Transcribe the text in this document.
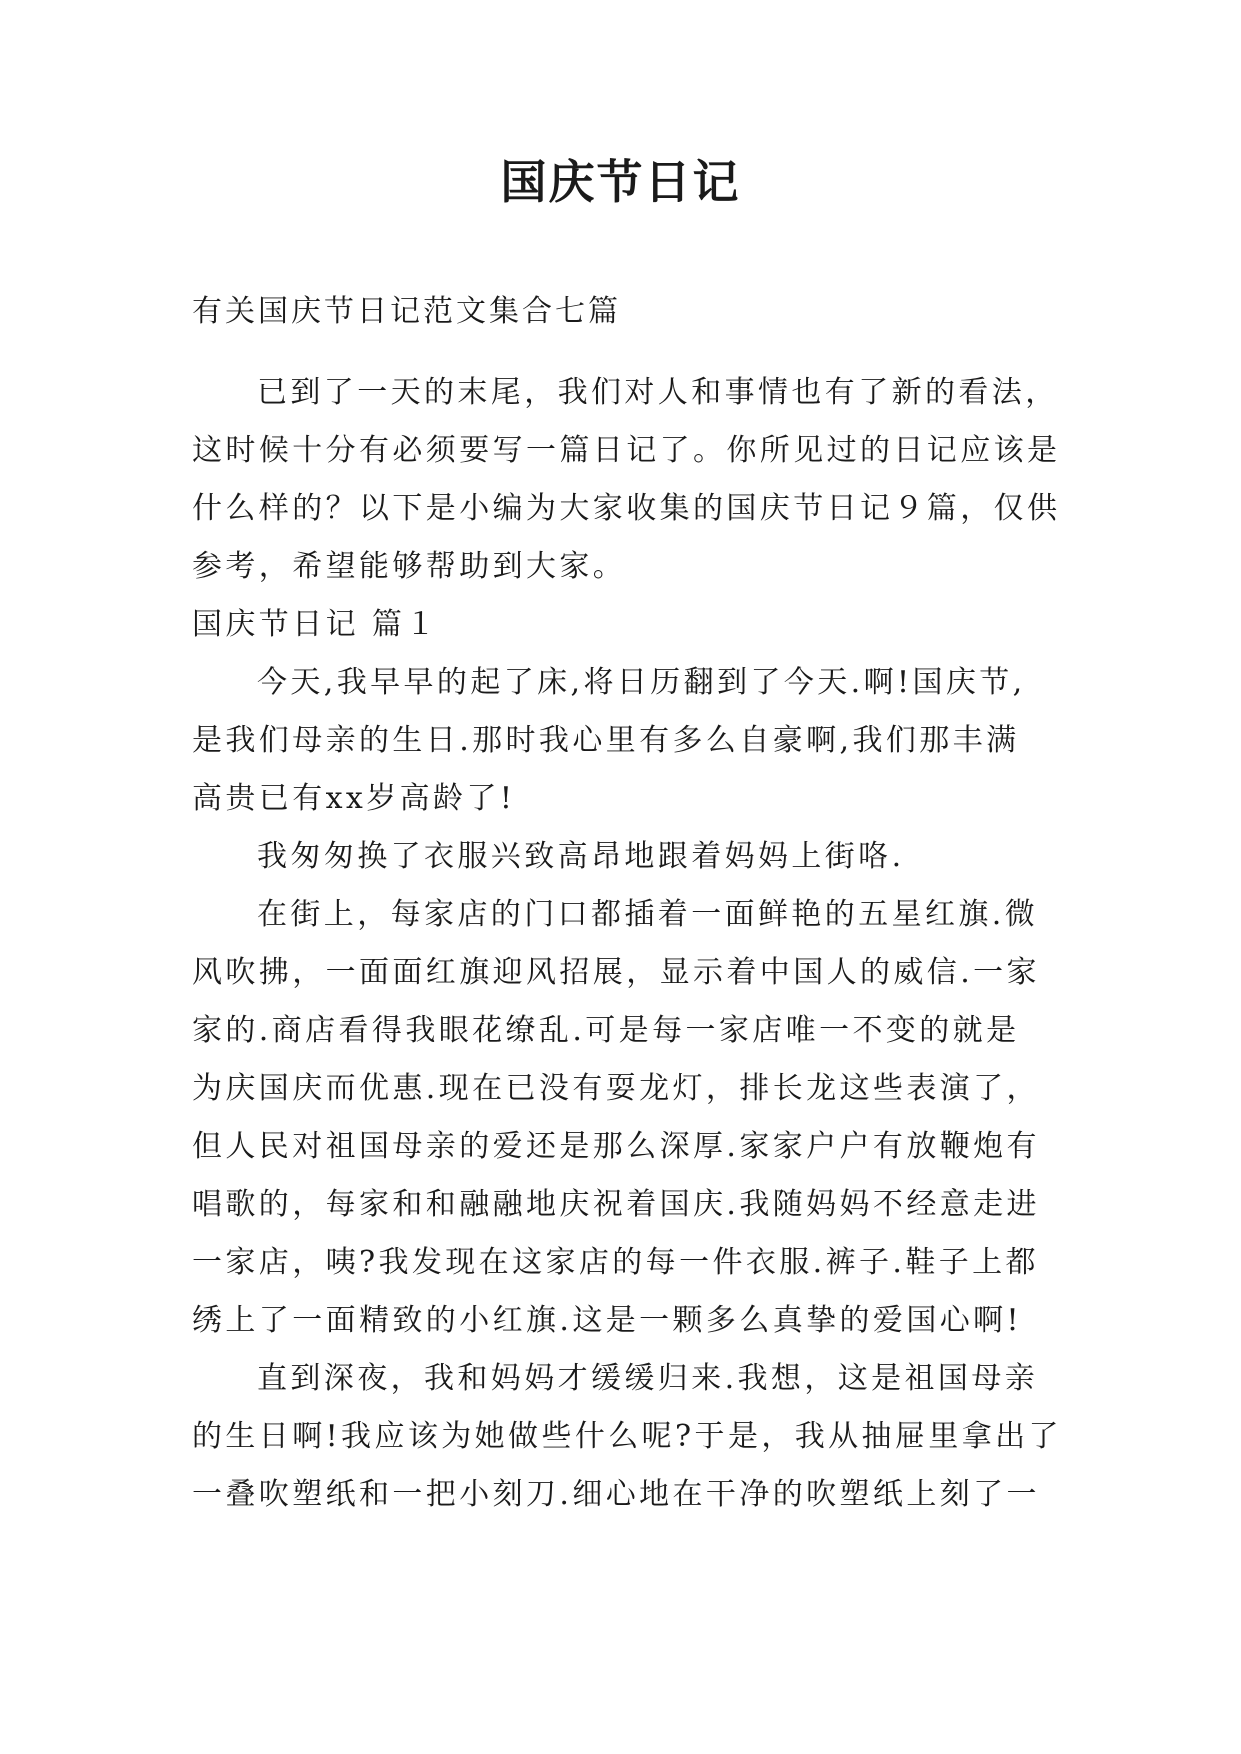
国庆节日记

有关国庆节日记范文集合七篇

已到了一天的末尾，我们对人和事情也有了新的看法，
这时候十分有必须要写一篇日记了。你所见过的日记应该是
什么样的？以下是小编为大家收集的国庆节日记９篇，仅供
参考，希望能够帮助到大家。
国庆节日记 篇１
今天,我早早的起了床,将日历翻到了今天.啊!国庆节,
是我们母亲的生日.那时我心里有多么自豪啊,我们那丰满
高贵已有xx岁高龄了!
我匆匆换了衣服兴致高昂地跟着妈妈上街咯.
在街上，每家店的门口都插着一面鲜艳的五星红旗.微
风吹拂，一面面红旗迎风招展，显示着中国人的威信.一家
家的.商店看得我眼花缭乱.可是每一家店唯一不变的就是
为庆国庆而优惠.现在已没有耍龙灯，排长龙这些表演了，
但人民对祖国母亲的爱还是那么深厚.家家户户有放鞭炮有
唱歌的，每家和和融融地庆祝着国庆.我随妈妈不经意走进
一家店，咦?我发现在这家店的每一件衣服.裤子.鞋子上都
绣上了一面精致的小红旗.这是一颗多么真挚的爱国心啊!
直到深夜，我和妈妈才缓缓归来.我想，这是祖国母亲
的生日啊!我应该为她做些什么呢?于是，我从抽屉里拿出了
一叠吹塑纸和一把小刻刀.细心地在干净的吹塑纸上刻了一
